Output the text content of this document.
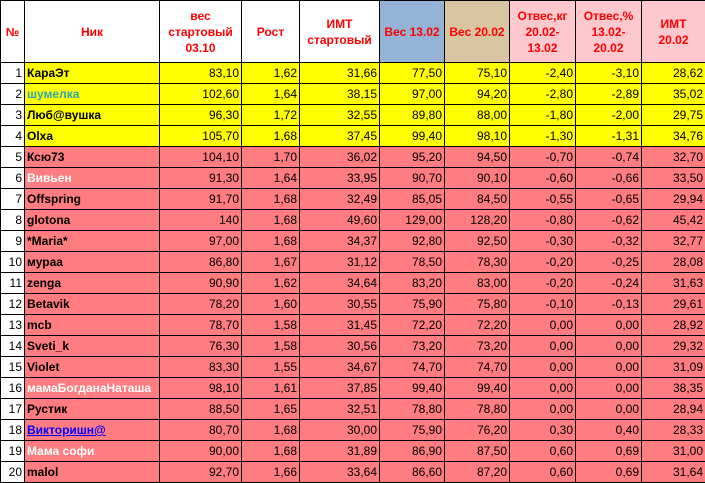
№	Ник	вес стартовый 03.10	Рост	ИМТ стартовый	Вес 13.02	Вес 20.02	Отвес,кг 20.02-13.02	Отвес,% 13.02-20.02	ИМТ 20.02
1	КараЭт	83,10	1,62	31,66	77,50	75,10	-2,40	-3,10	28,62
2	шумелка	102,60	1,64	38,15	97,00	94,20	-2,80	-2,89	35,02
3	Люб@вушка	96,30	1,72	32,55	89,80	88,00	-1,80	-2,00	29,75
4	Olxa	105,70	1,68	37,45	99,40	98,10	-1,30	-1,31	34,76
5	Ксю73	104,10	1,70	36,02	95,20	94,50	-0,70	-0,74	32,70
6	Вивьен	91,30	1,64	33,95	90,70	90,10	-0,60	-0,66	33,50
7	Offspring	91,70	1,68	32,49	85,05	84,50	-0,55	-0,65	29,94
8	glotona	140	1,68	49,60	129,00	128,20	-0,80	-0,62	45,42
9	*Maria*	97,00	1,68	34,37	92,80	92,50	-0,30	-0,32	32,77
10	мураа	86,80	1,67	31,12	78,50	78,30	-0,20	-0,25	28,08
11	zenga	90,90	1,62	34,64	83,20	83,00	-0,20	-0,24	31,63
12	Betavik	78,20	1,60	30,55	75,90	75,80	-0,10	-0,13	29,61
13	mcb	78,70	1,58	31,45	72,20	72,20	0,00	0,00	28,92
14	Sveti_k	76,30	1,58	30,56	73,20	73,20	0,00	0,00	29,32
15	Violet	83,30	1,55	34,67	74,70	74,70	0,00	0,00	31,09
16	мамаБогданаНаташа	98,10	1,61	37,85	99,40	99,40	0,00	0,00	38,35
17	Рустик	88,50	1,65	32,51	78,80	78,80	0,00	0,00	28,94
18	Викторишн@	80,70	1,68	30,00	75,90	76,20	0,30	0,40	28,33
19	Мама софи	90,00	1,68	31,89	86,90	87,50	0,60	0,69	31,00
20	malol	92,70	1,66	33,64	86,60	87,20	0,60	0,69	31,64
